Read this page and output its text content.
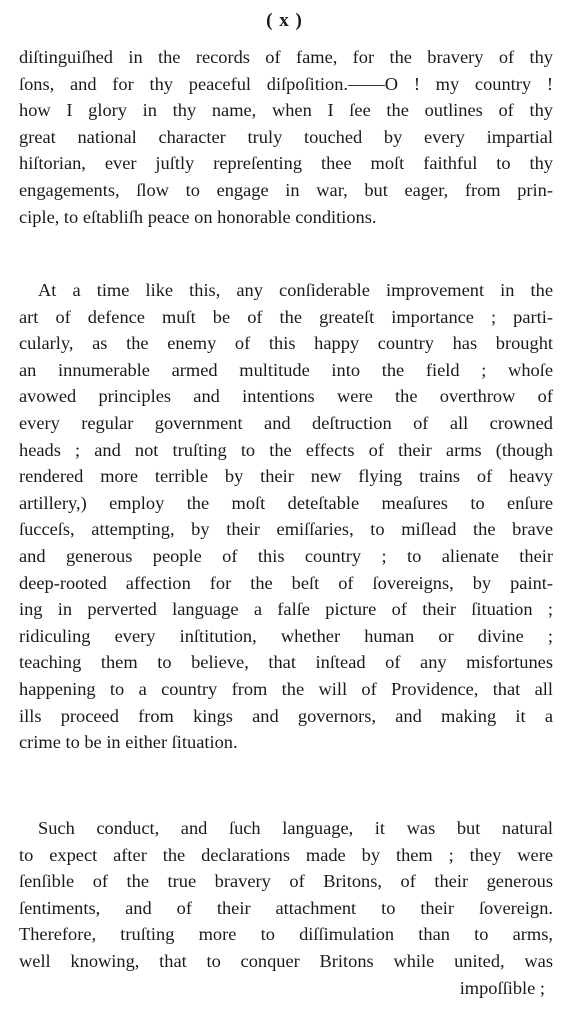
( x )
diſtinguiſhed in the records of fame, for the bravery of thy
ſons, and for thy peaceful diſpoſition.——O ! my country !
how I glory in thy name, when I ſee the outlines of thy
great national character truly touched by every impartial
hiſtorian, ever juſtly repreſenting thee moſt faithful to thy
engagements, ſlow to engage in war, but eager, from prin-
ciple, to eſtabliſh peace on honorable conditions.
At a time like this, any conſiderable improvement in the
art of defence muſt be of the greateſt importance ; parti-
cularly, as the enemy of this happy country has brought
an innumerable armed multitude into the field ; whoſe
avowed principles and intentions were the overthrow of
every regular government and deſtruction of all crowned
heads ; and not truſting to the effects of their arms (though
rendered more terrible by their new flying trains of heavy
artillery,) employ the moſt deteſtable meaſures to enſure
ſucceſs, attempting, by their emiſſaries, to miſlead the brave
and generous people of this country ; to alienate their
deep-rooted affection for the beſt of ſovereigns, by paint-
ing in perverted language a falſe picture of their ſituation ;
ridiculing every inſtitution, whether human or divine ;
teaching them to believe, that inſtead of any misfortunes
happening to a country from the will of Providence, that all
ills proceed from kings and governors, and making it a
crime to be in either ſituation.
Such conduct, and ſuch language, it was but natural
to expect after the declarations made by them ; they were
ſenſible of the true bravery of Britons, of their generous
ſentiments, and of their attachment to their ſovereign.
Therefore, truſting more to diſſimulation than to arms,
well knowing, that to conquer Britons while united, was
impoſſible ;
